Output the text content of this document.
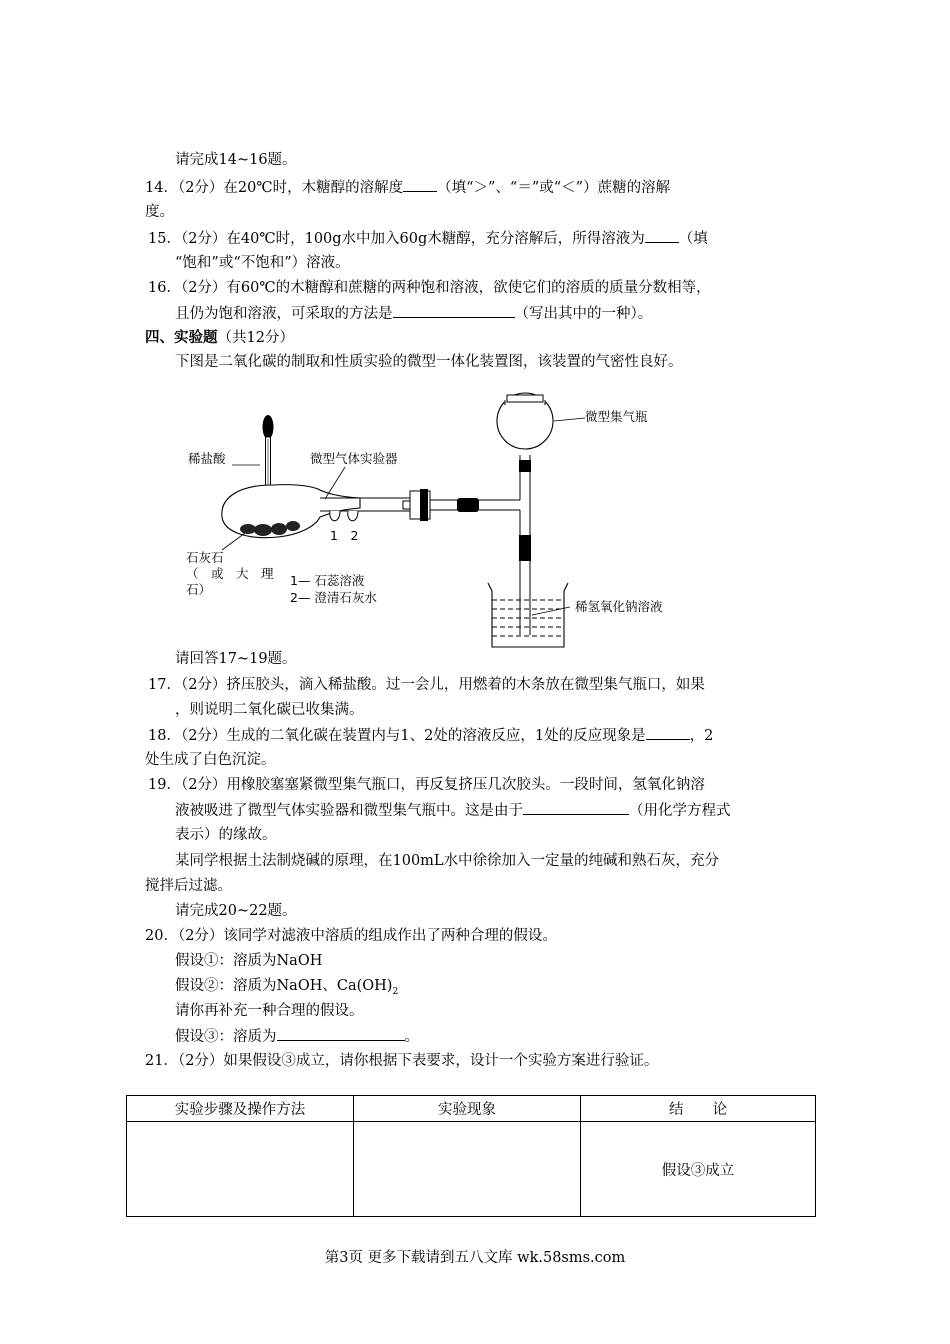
请完成14~16题。
14．（2分）在20℃时，木糖醇的溶解度 （填“＞”、“＝”或“＜”）蔗糖的溶解
度。
15．（2分）在40℃时，100g水中加入60g木糖醇，充分溶解后，所得溶液为 （填
“饱和”或“不饱和”）溶液。
16．（2分）有60℃的木糖醇和蔗糖的两种饱和溶液，欲使它们的溶质的质量分数相等，
且仍为饱和溶液，可采取的方法是	（写出其中的一种）。
四、实验题（共12分）
下图是二氧化碳的制取和性质实验的微型一体化装置图，该装置的气密性良好。
稀盐酸	微型气体实验器
微型集气瓶
1　2
石灰石
（　或　大　理
石）
1— 石蕊溶液
2— 澄清石灰水
稀氢氧化钠溶液
请回答17~19题。
17．（2分）挤压胶头，滴入稀盐酸。过一会儿，用燃着的木条放在微型集气瓶口，如果
，则说明二氧化碳已收集满。
18．（2分）生成的二氧化碳在装置内与1、2处的溶液反应，1处的反应现象是	，2
处生成了白色沉淀。
19．（2分）用橡胶塞塞紧微型集气瓶口，再反复挤压几次胶头。一段时间，氢氧化钠溶
液被吸进了微型气体实验器和微型集气瓶中。这是由于	（用化学方程式
表示）的缘故。
某同学根据土法制烧碱的原理，在100mL水中徐徐加入一定量的纯碱和熟石灰，充分
搅拌后过滤。
请完成20~22题。
20．（2分）该同学对滤液中溶质的组成作出了两种合理的假设。
假设①：溶质为NaOH
假设②：溶质为NaOH、$Ca(OH)_2$
请你再补充一种合理的假设。
假设③：溶质为	。
21．（2分）如果假设③成立，请你根据下表要求，设计一个实验方案进行验证。
实验步骤及操作方法	实验现象	结　　论
		假设③成立
第3页 更多下载请到五八文库 wk.58sms.com
